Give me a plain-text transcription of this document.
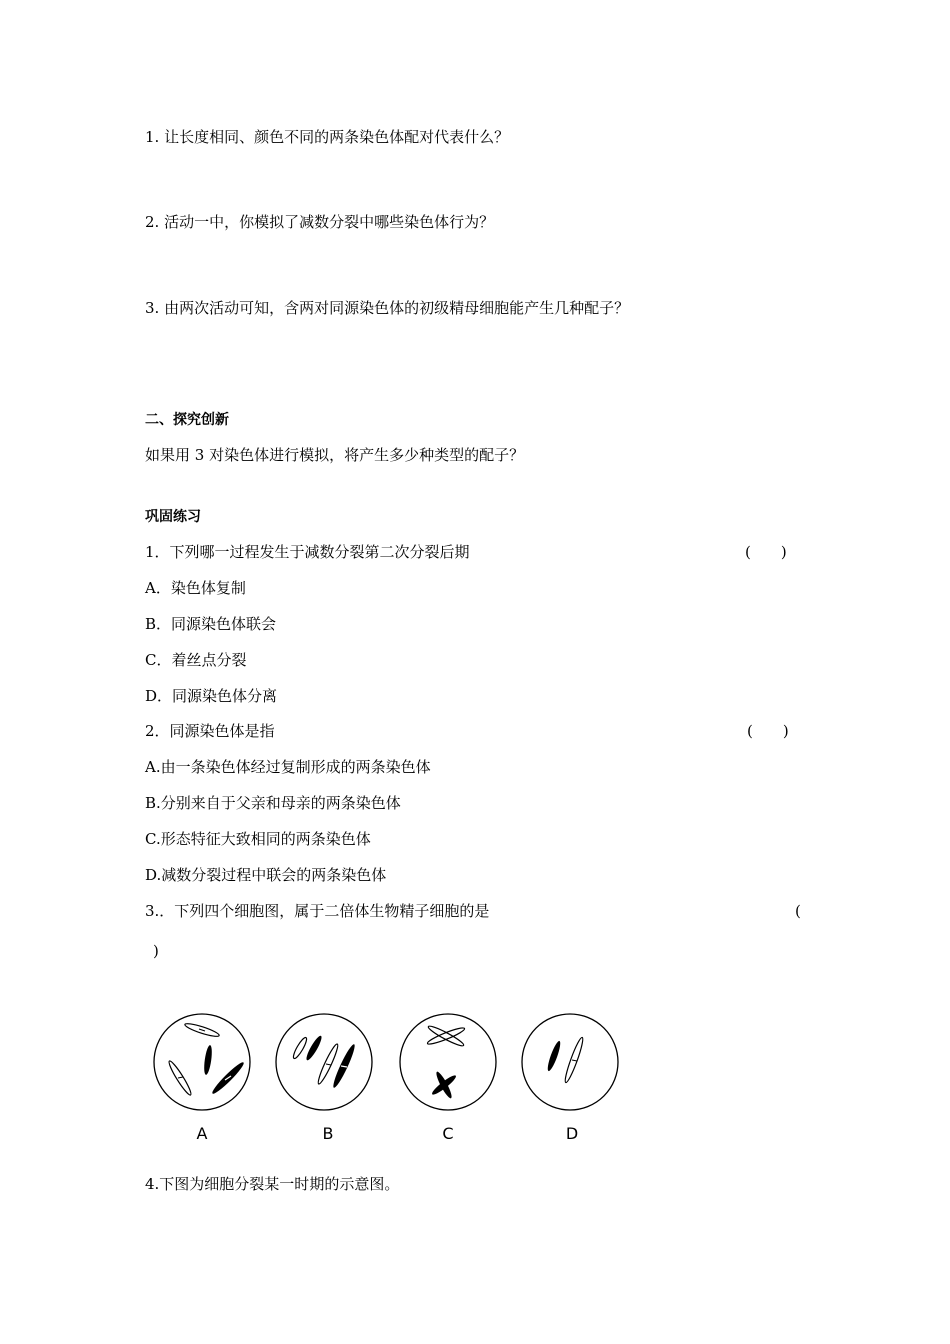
1. 让长度相同、颜色不同的两条染色体配对代表什么？
2. 活动一中，你模拟了减数分裂中哪些染色体行为？
3. 由两次活动可知，含两对同源染色体的初级精母细胞能产生几种配子？
二、探究创新
如果用 3 对染色体进行模拟，将产生多少种类型的配子？
巩固练习
1．下列哪一过程发生于减数分裂第二次分裂后期	(　　)
A．染色体复制
B．同源染色体联会
C．着丝点分裂
D．同源染色体分离
2．同源染色体是指	(　　)
A.由一条染色体经过复制形成的两条染色体
B.分别来自于父亲和母亲的两条染色体
C.形态特征大致相同的两条染色体
D.减数分裂过程中联会的两条染色体
3.．下列四个细胞图，属于二倍体生物精子细胞的是	(
)
A	B	C	D
4.下图为细胞分裂某一时期的示意图。
